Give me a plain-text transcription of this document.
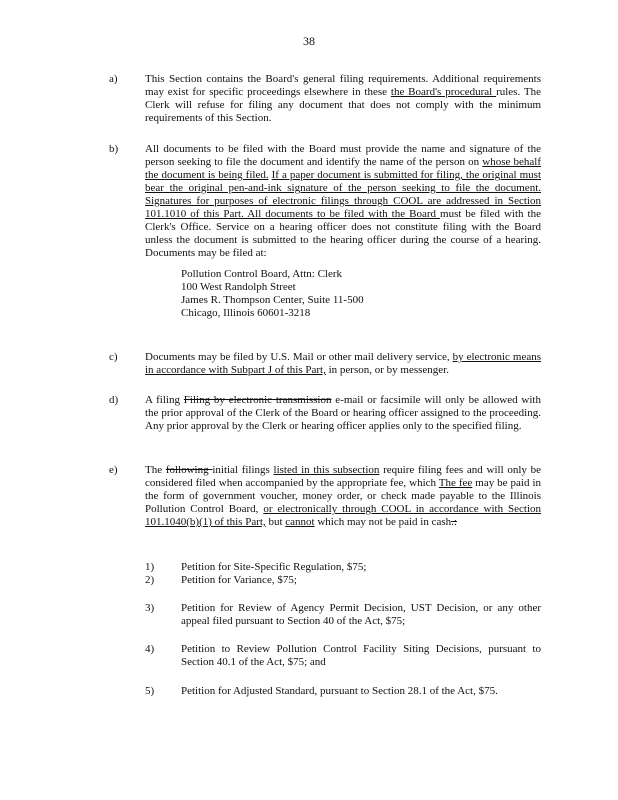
38
a)	This Section contains the Board's general filing requirements. Additional requirements may exist for specific proceedings elsewhere in these the Board's procedural rules. The Clerk will refuse for filing any document that does not comply with the minimum requirements of this Section.

b)	All documents to be filed with the Board must provide the name and signature of the person seeking to file the document and identify the name of the person on whose behalf the document is being filed. If a paper document is submitted for filing, the original must bear the original pen-and-ink signature of the person seeking to file the document. Signatures for purposes of electronic filings through COOL are addressed in Section 101.1010 of this Part. All documents to be filed with the Board must be filed with the Clerk's Office. Service on a hearing officer does not constitute filing with the Board unless the document is submitted to the hearing officer during the course of a hearing. Documents may be filed at:

Pollution Control Board, Attn: Clerk
100 West Randolph Street
James R. Thompson Center, Suite 11-500
Chicago, Illinois 60601-3218
c)	Documents may be filed by U.S. Mail or other mail delivery service, by electronic means in accordance with Subpart J of this Part, in person, or by messenger.

d)	A filing Filing by electronic transmission e-mail or facsimile will only be allowed with the prior approval of the Clerk of the Board or hearing officer assigned to the proceeding. Any prior approval by the Clerk or hearing officer applies only to the specified filing.

e)	The following initial filings listed in this subsection require filing fees and will only be considered filed when accompanied by the appropriate fee, which The fee may be paid in the form of government voucher, money order, or check made payable to the Illinois Pollution Control Board, or electronically through COOL in accordance with Section 101.1040(b)(1) of this Part, but cannot which may not be paid in cash.:

1)	Petition for Site-Specific Regulation, $75;
2)	Petition for Variance, $75;
3)	Petition for Review of Agency Permit Decision, UST Decision, or any other appeal filed pursuant to Section 40 of the Act, $75;
4)	Petition to Review Pollution Control Facility Siting Decisions, pursuant to Section 40.1 of the Act, $75; and
5)	Petition for Adjusted Standard, pursuant to Section 28.1 of the Act, $75.
